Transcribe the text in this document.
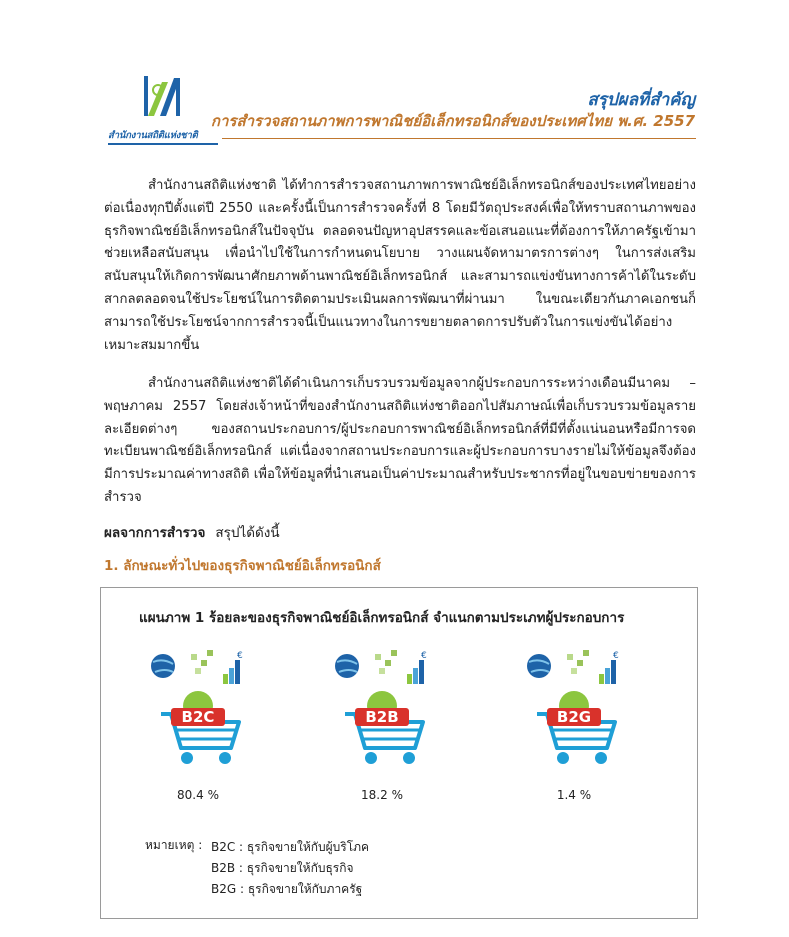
สำนักงานสถิติแห่งชาติ
สรุปผลที่สำคัญ
การสำรวจสถานภาพการพาณิชย์อิเล็กทรอนิกส์ของประเทศไทย พ.ศ. 2557

สำนักงานสถิติแห่งชาติ ได้ทำการสำรวจสถานภาพการพาณิชย์อิเล็กทรอนิกส์ของประเทศไทยอย่างต่อเนื่องทุกปีตั้งแต่ปี 2550 และครั้งนี้เป็นการสำรวจครั้งที่ 8 โดยมีวัตถุประสงค์เพื่อให้ทราบสถานภาพของธุรกิจพาณิชย์อิเล็กทรอนิกส์ในปัจจุบัน ตลอดจนปัญหาอุปสรรคและข้อเสนอแนะที่ต้องการให้ภาครัฐเข้ามาช่วยเหลือสนับสนุน เพื่อนำไปใช้ในการกำหนดนโยบาย วางแผนจัดหามาตรการต่างๆ ในการส่งเสริมสนับสนุนให้เกิดการพัฒนาศักยภาพด้านพาณิชย์อิเล็กทรอนิกส์ และสามารถแข่งขันทางการค้าได้ในระดับสากลตลอดจนใช้ประโยชน์ในการติดตามประเมินผลการพัฒนาที่ผ่านมา ในขณะเดียวกันภาคเอกชนก็สามารถใช้ประโยชน์จากการสำรวจนี้เป็นแนวทางในการขยายตลาดการปรับตัวในการแข่งขันได้อย่างเหมาะสมมากขึ้น

สำนักงานสถิติแห่งชาติได้ดำเนินการเก็บรวบรวมข้อมูลจากผู้ประกอบการระหว่างเดือนมีนาคม – พฤษภาคม 2557 โดยส่งเจ้าหน้าที่ของสำนักงานสถิติแห่งชาติออกไปสัมภาษณ์เพื่อเก็บรวบรวมข้อมูลรายละเอียดต่างๆ ของสถานประกอบการ/ผู้ประกอบการพาณิชย์อิเล็กทรอนิกส์ที่มีที่ตั้งแน่นอนหรือมีการจดทะเบียนพาณิชย์อิเล็กทรอนิกส์ แต่เนื่องจากสถานประกอบการและผู้ประกอบการบางรายไม่ให้ข้อมูลจึงต้องมีการประมาณค่าทางสถิติ เพื่อให้ข้อมูลที่นำเสนอเป็นค่าประมาณสำหรับประชากรที่อยู่ในขอบข่ายของการสำรวจ

ผลจากการสำรวจ สรุปได้ดังนี้
1. ลักษณะทั่วไปของธุรกิจพาณิชย์อิเล็กทรอนิกส์
แผนภาพ 1 ร้อยละของธุรกิจพาณิชย์อิเล็กทรอนิกส์ จำแนกตามประเภทผู้ประกอบการ
€
B2C
80.4 %
€
B2B
18.2 %
€
B2G
1.4 %
หมายเหตุ : B2C : ธุรกิจขายให้กับผู้บริโภค
B2B : ธุรกิจขายให้กับธุรกิจ
B2G : ธุรกิจขายให้กับภาครัฐ
